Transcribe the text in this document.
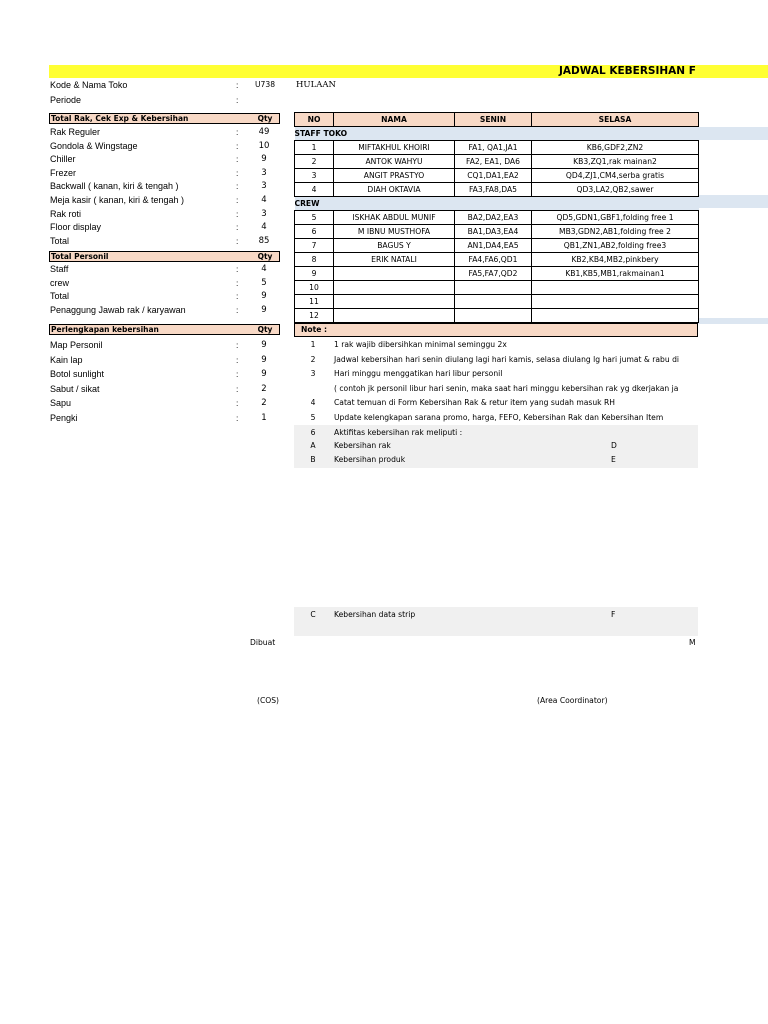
JADWAL KEBERSIHAN F
Kode & Nama Toko	: U738 HULAAN
Periode	:
Total Rak, Cek Exp & Kebersihan	Qty
Rak Reguler	:	49
Gondola & Wingstage	:	10
Chiller	:	9
Frezer	:	3
Backwall ( kanan, kiri & tengah )	:	3
Meja kasir ( kanan, kiri & tengah )	:	4
Rak roti	:	3
Floor display	:	4
Total	:	85
Total Personil	Qty
Staff	:	4
crew	:	5
Total	:	9
Penaggung Jawab rak / karyawan	:	9
Perlengkapan kebersihan	Qty
Map Personil	:	9
Kain lap	:	9
Botol sunlight	:	9
Sabut / sikat	:	2
Sapu	:	2
Pengki	:	1
NO	NAMA	SENIN	SELASA
STAFF TOKO			
1	MIFTAKHUL KHOIRI	FA1, QA1,JA1	KB6,GDF2,ZN2
2	ANTOK WAHYU	FA2, EA1, DA6	KB3,ZQ1,rak mainan2
3	ANGIT PRASTYO	CQ1,DA1,EA2	QD4,ZJ1,CM4,serba gratis
4	DIAH OKTAVIA	FA3,FA8,DA5	QD3,LA2,QB2,sawer
CREW			
5	ISKHAK ABDUL MUNIF	BA2,DA2,EA3	QD5,GDN1,GBF1,folding free 1
6	M IBNU MUSTHOFA	BA1,DA3,EA4	MB3,GDN2,AB1,folding free 2
7	BAGUS Y	AN1,DA4,EA5	QB1,ZN1,AB2,folding free3
8	ERIK NATALI	FA4,FA6,QD1	KB2,KB4,MB2,pinkbery
9		FA5,FA7,QD2	KB1,KB5,MB1,rakmainan1
10			
11			
12			
Note :
1	1 rak wajib dibersihkan minimal seminggu 2x
2	Jadwal kebersihan hari senin diulang lagi hari kamis, selasa diulang lg hari jumat & rabu di
3	Hari minggu menggatikan hari libur personil
( contoh jk personil libur hari senin, maka saat hari minggu kebersihan rak yg dkerjakan ja
4	Catat temuan di Form Kebersihan Rak & retur item yang sudah masuk RH
5	Update kelengkapan sarana promo, harga, FEFO, Kebersihan Rak dan Kebersihan Item
6	Aktifitas kebersihan rak meliputi :
A	Kebersihan rak	D
B	Kebersihan produk	E
C	Kebersihan data strip	F
Dibuat	M
(COS)	(Area Coordinator)
